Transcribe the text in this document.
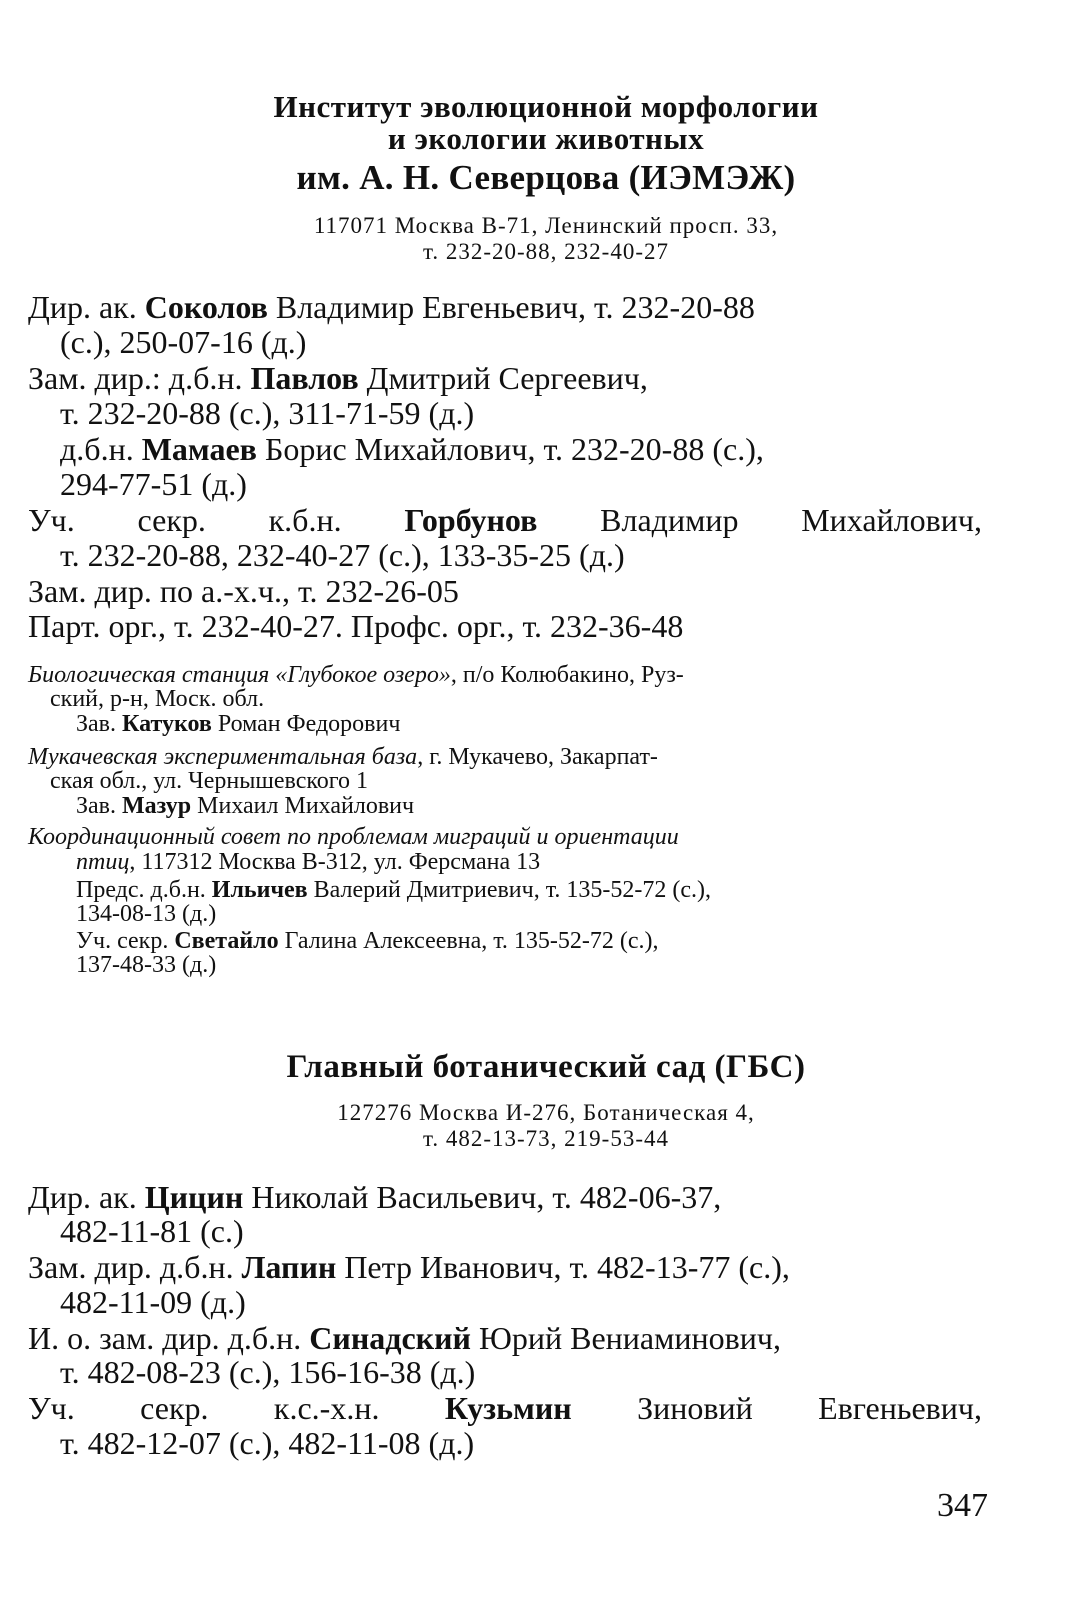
Институт эволюционной морфологии
и экологии животных
им. А. Н. Северцова (ИЭМЭЖ)
117071 Москва В-71, Ленинский просп. 33,
т. 232-20-88, 232-40-27
Дир. ак. Соколов Владимир Евгеньевич, т. 232-20-88
(с.), 250-07-16 (д.)
Зам. дир.: д.б.н. Павлов Дмитрий Сергеевич,
т. 232-20-88 (с.), 311-71-59 (д.)
д.б.н. Мамаев Борис Михайлович, т. 232-20-88 (с.),
294-77-51 (д.)
Уч. секр. к.б.н. Горбунов Владимир Михайлович,
т. 232-20-88, 232-40-27 (с.), 133-35-25 (д.)
Зам. дир. по а.-х.ч., т. 232-26-05
Парт. орг., т. 232-40-27. Профс. орг., т. 232-36-48
Биологическая станция «Глубокое озеро», п/о Колюбакино, Руз-
ский, р-н, Моск. обл.
Зав. Катуков Роман Федорович
Мукачевская экспериментальная база, г. Мукачево, Закарпат-
ская обл., ул. Чернышевского 1
Зав. Мазур Михаил Михайлович
Координационный совет по проблемам миграций и ориентации
птиц, 117312 Москва В-312, ул. Ферсмана 13
Предс. д.б.н. Ильичев Валерий Дмитриевич, т. 135-52-72 (с.),
134-08-13 (д.)
Уч. секр. Светайло Галина Алексеевна, т. 135-52-72 (с.),
137-48-33 (д.)
Главный ботанический сад (ГБС)
127276 Москва И-276, Ботаническая 4,
т. 482-13-73, 219-53-44
Дир. ак. Цицин Николай Васильевич, т. 482-06-37,
482-11-81 (с.)
Зам. дир. д.б.н. Лапин Петр Иванович, т. 482-13-77 (с.),
482-11-09 (д.)
И. о. зам. дир. д.б.н. Синадский Юрий Вениаминович,
т. 482-08-23 (с.), 156-16-38 (д.)
Уч. секр. к.с.-х.н. Кузьмин Зиновий Евгеньевич,
т. 482-12-07 (с.), 482-11-08 (д.)
347
